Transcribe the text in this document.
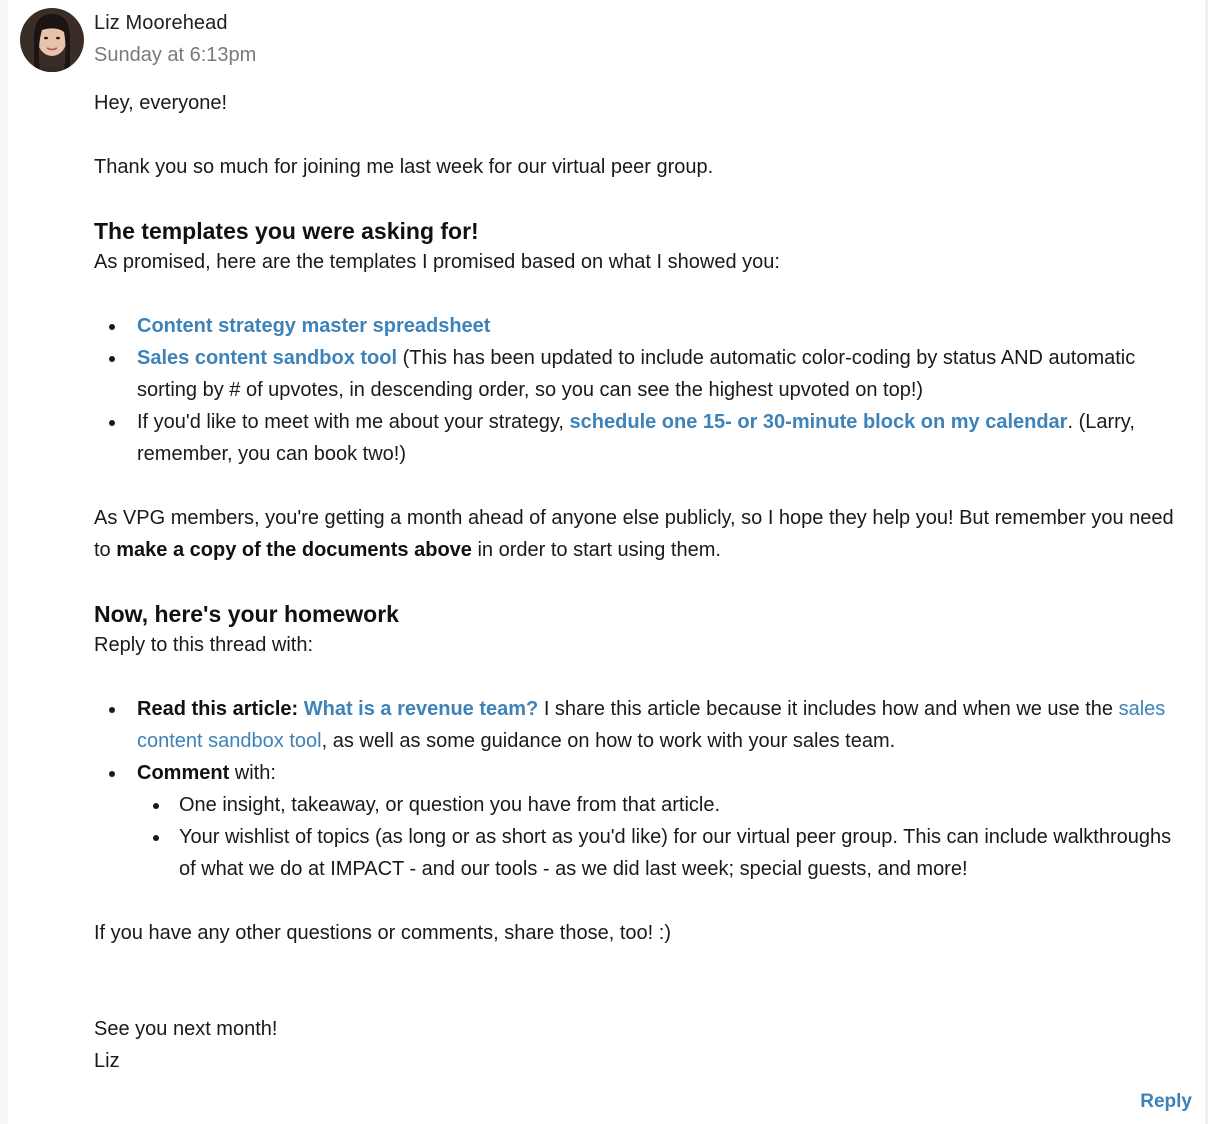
Liz Moorehead
Sunday at 6:13pm

Hey, everyone!

Thank you so much for joining me last week for our virtual peer group.

The templates you were asking for!

As promised, here are the templates I promised based on what I showed you:

Content strategy master spreadsheet
Sales content sandbox tool (This has been updated to include automatic color-coding by status AND automatic sorting by # of upvotes, in descending order, so you can see the highest upvoted on top!)
If you'd like to meet with me about your strategy, schedule one 15- or 30-minute block on my calendar. (Larry, remember, you can book two!)

As VPG members, you're getting a month ahead of anyone else publicly, so I hope they help you! But remember you need to make a copy of the documents above in order to start using them.

Now, here's your homework

Reply to this thread with:

Read this article: What is a revenue team? I share this article because it includes how and when we use the sales content sandbox tool, as well as some guidance on how to work with your sales team.
Comment with:
One insight, takeaway, or question you have from that article.
Your wishlist of topics (as long or as short as you'd like) for our virtual peer group. This can include walkthroughs of what we do at IMPACT - and our tools - as we did last week; special guests, and more!

If you have any other questions or comments, share those, too! :)

See you next month!

Liz

Reply
